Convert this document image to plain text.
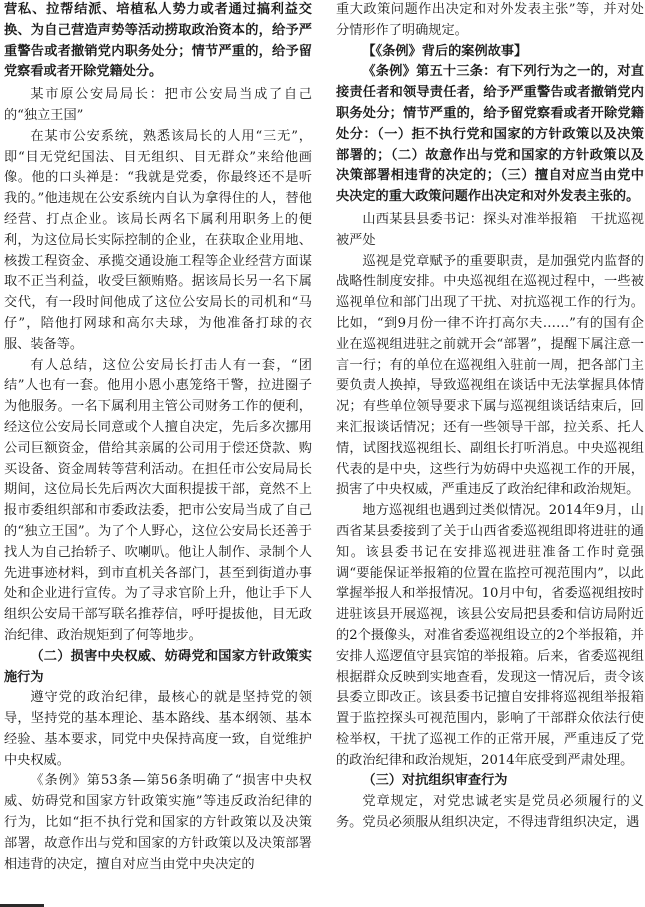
营私、拉帮结派、培植私人势力或者通过搞利益交换、为自己营造声势等活动捞取政治资本的，给予严重警告或者撤销党内职务处分；情节严重的，给予留党察看或者开除党籍处分。

某市原公安局局长：把市公安局当成了自己的“独立王国”

在某市公安系统，熟悉该局长的人用“三无”，即“目无党纪国法、目无组织、目无群众”来给他画像。他的口头禅是：“我就是党委，你最终还不是听我的。”他违规在公安系统内自认为拿得住的人，替他经营、打点企业。该局长两名下属利用职务上的便利，为这位局长实际控制的企业，在获取企业用地、核拨工程资金、承揽交通设施工程等企业经营方面谋取不正当利益，收受巨额贿赂。据该局长另一名下属交代，有一段时间他成了这位公安局长的司机和“马仔”，陪他打网球和高尔夫球，为他准备打球的衣服、装备等。

有人总结，这位公安局长打击人有一套，“团结”人也有一套。他用小恩小惠笼络干警，拉进圈子为他服务。一名下属利用主管公司财务工作的便利，经这位公安局长同意或个人擅自决定，先后多次挪用公司巨额资金，借给其亲属的公司用于偿还贷款、购买设备、资金周转等营利活动。在担任市公安局局长期间，这位局长先后两次大面积提拔干部，竟然不上报市委组织部和市委政法委，把市公安局当成了自己的“独立王国”。为了个人野心，这位公安局长还善于找人为自己抬轿子、吹喇叭。他让人制作、录制个人先进事迹材料，到市直机关各部门，甚至到街道办事处和企业进行宣传。为了寻求官阶上升，他让手下人组织公安局干部写联名推荐信，呼吁提拔他，目无政治纪律、政治规矩到了何等地步。

（二）损害中央权威、妨碍党和国家方针政策实施行为

遵守党的政治纪律，最核心的就是坚持党的领导，坚持党的基本理论、基本路线、基本纲领、基本经验、基本要求，同党中央保持高度一致，自觉维护中央权威。

《条例》第53条—第56条明确了“损害中央权威、妨碍党和国家方针政策实施”等违反政治纪律的行为，比如“拒不执行党和国家的方针政策以及决策部署，故意作出与党和国家的方针政策以及决策部署相违背的决定，擅自对应当由党中央决定的

重大政策问题作出决定和对外发表主张”等，并对处分情形作了明确规定。

【《条例》背后的案例故事】

《条例》第五十三条：有下列行为之一的，对直接责任者和领导责任者，给予严重警告或者撤销党内职务处分；情节严重的，给予留党察看或者开除党籍处分：（一）拒不执行党和国家的方针政策以及决策部署的；（二）故意作出与党和国家的方针政策以及决策部署相违背的决定的；（三）擅自对应当由党中央决定的重大政策问题作出决定和对外发表主张的。

山西某县县委书记：探头对准举报箱　干扰巡视被严处

巡视是党章赋予的重要职责，是加强党内监督的战略性制度安排。中央巡视组在巡视过程中，一些被巡视单位和部门出现了干扰、对抗巡视工作的行为。比如，“到9月份一律不许打高尔夫……”有的国有企业在巡视组进驻之前就开会“部署”，提醒下属注意一言一行；有的单位在巡视组入驻前一周，把各部门主要负责人换掉，导致巡视组在谈话中无法掌握具体情况；有些单位领导要求下属与巡视组谈话结束后，回来汇报谈话情况；还有一些领导干部，拉关系、托人情，试图找巡视组长、副组长打听消息。中央巡视组代表的是中央，这些行为妨碍中央巡视工作的开展，损害了中央权威，严重违反了政治纪律和政治规矩。

地方巡视组也遇到过类似情况。2014年9月，山西省某县委接到了关于山西省委巡视组即将进驻的通知。该县委书记在安排巡视进驻准备工作时竟强调“要能保证举报箱的位置在监控可视范围内”，以此掌握举报人和举报情况。10月中旬，省委巡视组按时进驻该县开展巡视，该县公安局把县委和信访局附近的2个摄像头，对准省委巡视组设立的2个举报箱，并安排人巡逻值守县宾馆的举报箱。后来，省委巡视组根据群众反映到实地查看，发现这一情况后，责令该县委立即改正。该县委书记擅自安排将巡视组举报箱置于监控探头可视范围内，影响了干部群众依法行使检举权，干扰了巡视工作的正常开展，严重违反了党的政治纪律和政治规矩，2014年底受到严肃处理。

（三）对抗组织审查行为

党章规定，对党忠诚老实是党员必须履行的义务。党员必须服从组织决定，不得违背组织决定，遇
